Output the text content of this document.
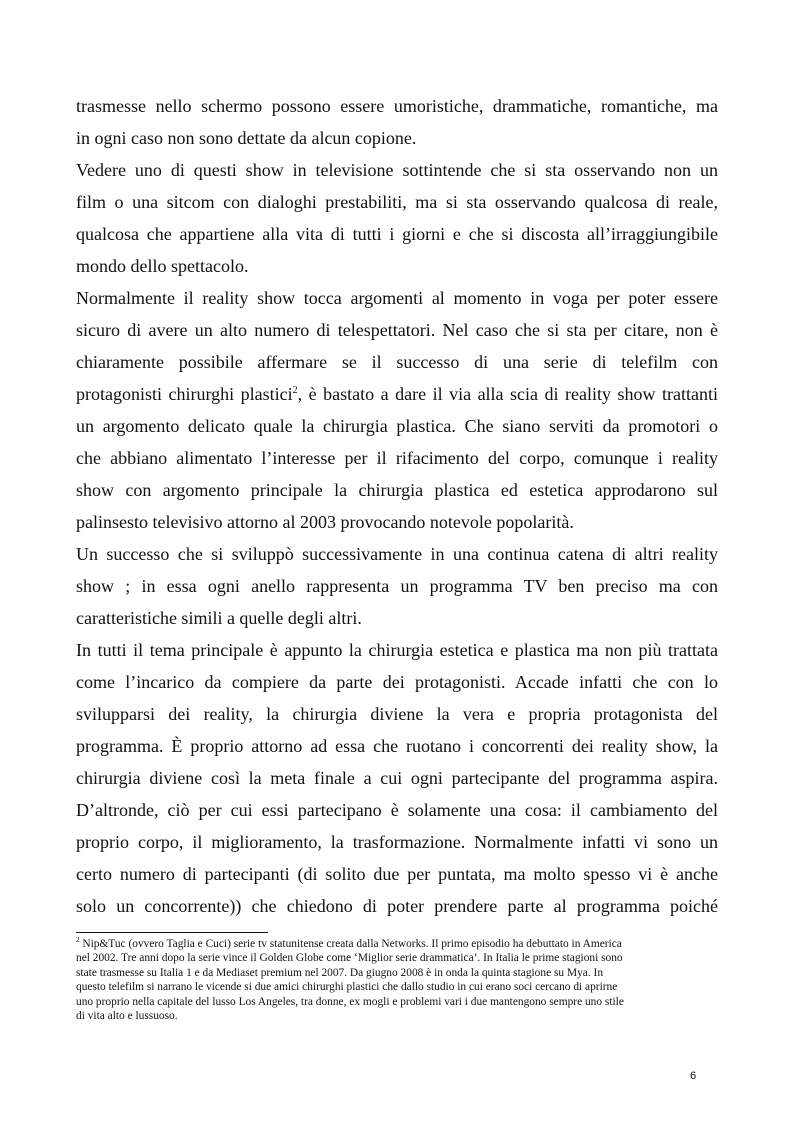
trasmesse nello schermo possono essere umoristiche, drammatiche, romantiche, ma
in ogni caso non sono dettate da alcun copione.
Vedere uno di questi show in televisione sottintende che si sta osservando non un
film o una sitcom con dialoghi prestabiliti, ma si sta osservando qualcosa di reale,
qualcosa che appartiene alla vita di tutti i giorni e che si discosta all’irraggiungibile
mondo dello spettacolo.
Normalmente il reality show tocca argomenti al momento in voga per poter essere
sicuro di avere un alto numero di telespettatori. Nel caso che si sta per citare, non è
chiaramente possibile affermare se il successo di una serie di telefilm con
protagonisti chirurghi plastici$^2$, è bastato a dare il via alla scia di reality show trattanti
un argomento delicato quale la chirurgia plastica. Che siano serviti da promotori o
che abbiano alimentato l’interesse per il rifacimento del corpo, comunque i reality
show con argomento principale la chirurgia plastica ed estetica approdarono sul
palinsesto televisivo attorno al 2003 provocando notevole popolarità.
Un successo che si sviluppò successivamente in una continua catena di altri reality
show ; in essa ogni anello rappresenta un programma TV ben preciso ma con
caratteristiche simili a quelle degli altri.
In tutti il tema principale è appunto la chirurgia estetica e plastica ma non più trattata
come l’incarico da compiere da parte dei protagonisti. Accade infatti che con lo
svilupparsi dei reality, la chirurgia diviene la vera e propria protagonista del
programma. È proprio attorno ad essa che ruotano i concorrenti dei reality show, la
chirurgia diviene così la meta finale a cui ogni partecipante del programma aspira.
D’altronde, ciò per cui essi partecipano è solamente una cosa: il cambiamento del
proprio corpo, il miglioramento, la trasformazione. Normalmente infatti vi sono un
certo numero di partecipanti (di solito due per puntata, ma molto spesso vi è anche
solo un concorrente)) che chiedono di poter prendere parte al programma poiché
$^2$ Nip&Tuc (ovvero Taglia e Cuci) serie tv statunitense creata dalla Networks. Il primo episodio ha debuttato in America
nel 2002. Tre anni dopo la serie vince il Golden Globe come ‘Miglior serie drammatica’. In Italia le prime stagioni sono
state trasmesse su Italia 1 e da Mediaset premium nel 2007. Da giugno 2008 è in onda la quinta stagione su Mya. In
questo telefilm si narrano le vicende si due amici chirurghi plastici che dallo studio in cui erano soci cercano di aprirne
uno proprio nella capitale del lusso Los Angeles, tra donne, ex mogli e problemi vari i due mantengono sempre uno stile
di vita alto e lussuoso.
6
